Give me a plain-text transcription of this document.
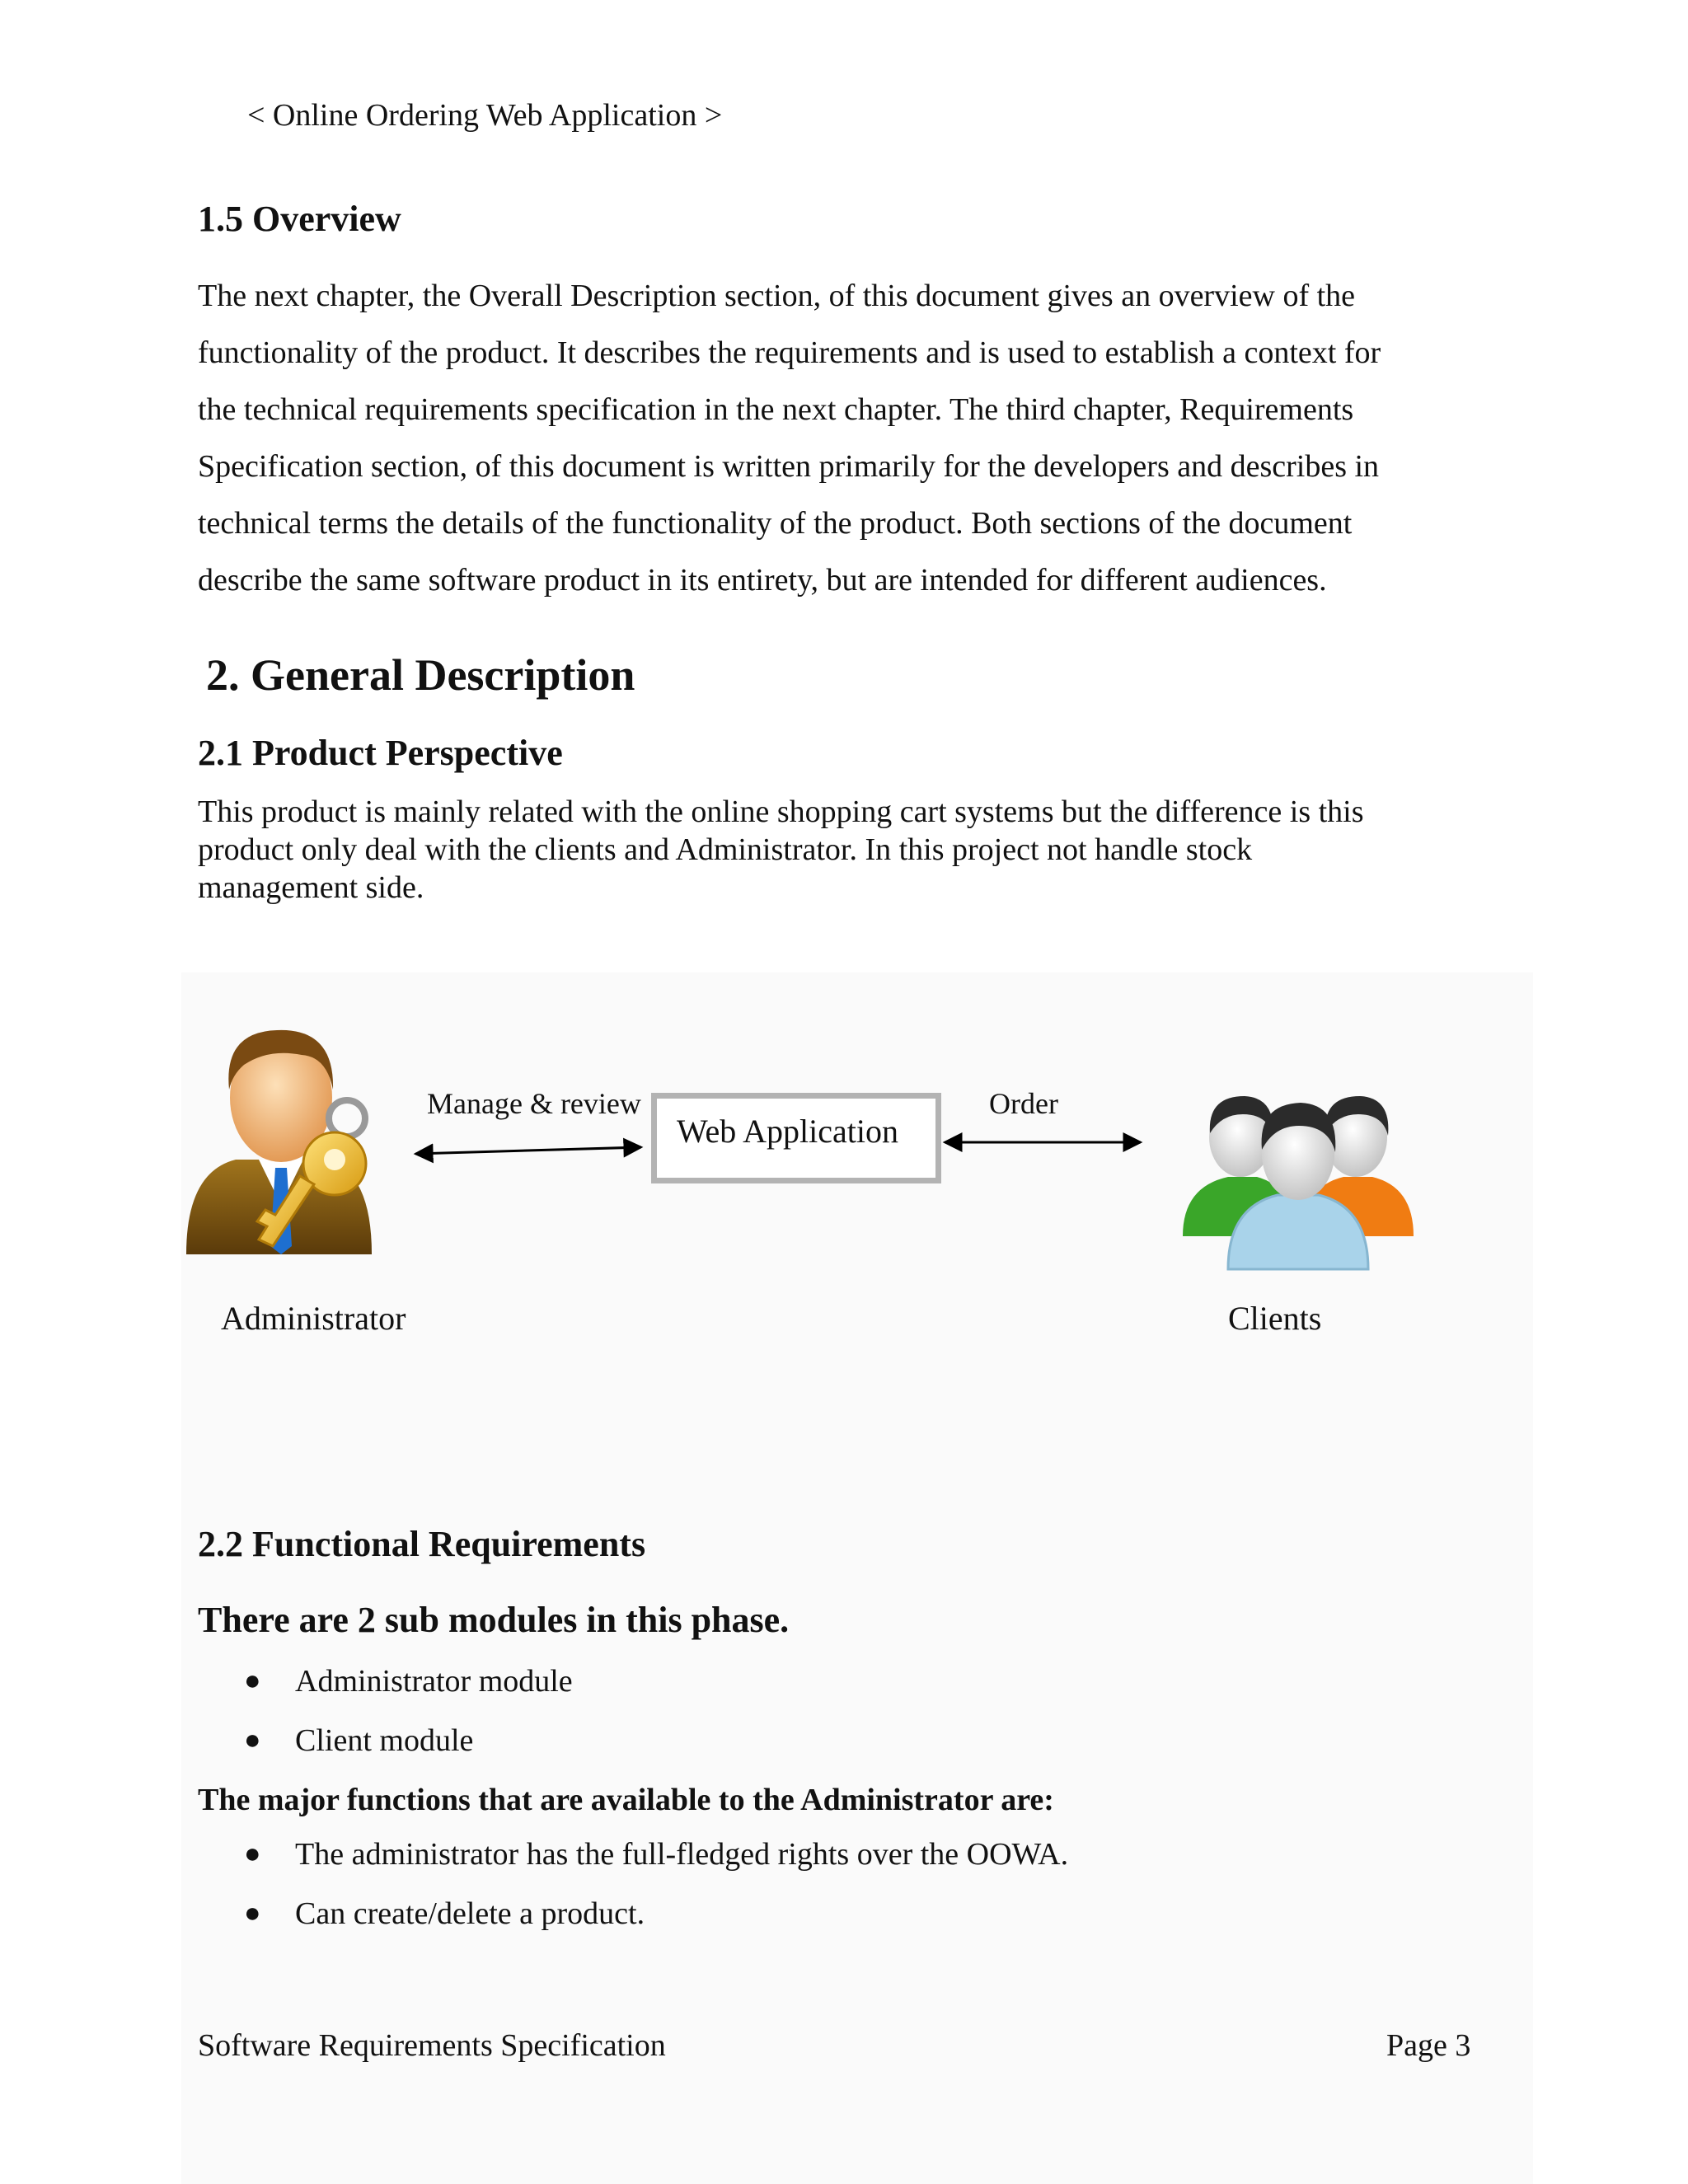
< Online Ordering Web Application >

1.5 Overview
The next chapter, the Overall Description section, of this document gives an overview of the
functionality of the product. It describes the requirements and is used to establish a context for
the technical requirements specification in the next chapter. The third chapter, Requirements
Specification section, of this document is written primarily for the developers and describes in
technical terms the details of the functionality of the product. Both sections of the document
describe the same software product in its entirety, but are intended for different audiences.
2. General Description
2.1 Product Perspective
This product is mainly related with the online shopping cart systems but the difference is this
product only deal with the clients and Administrator. In this project not handle stock
management side.
Manage & review
Web Application
Order
Administrator	Clients
2.2 Functional Requirements
There are 2 sub modules in this phase.
● Administrator module
● Client module

The major functions that are available to the Administrator are:

● The administrator has the full-fledged rights over the OOWA.
● Can create/delete a product.

Software Requirements Specification	Page 3
